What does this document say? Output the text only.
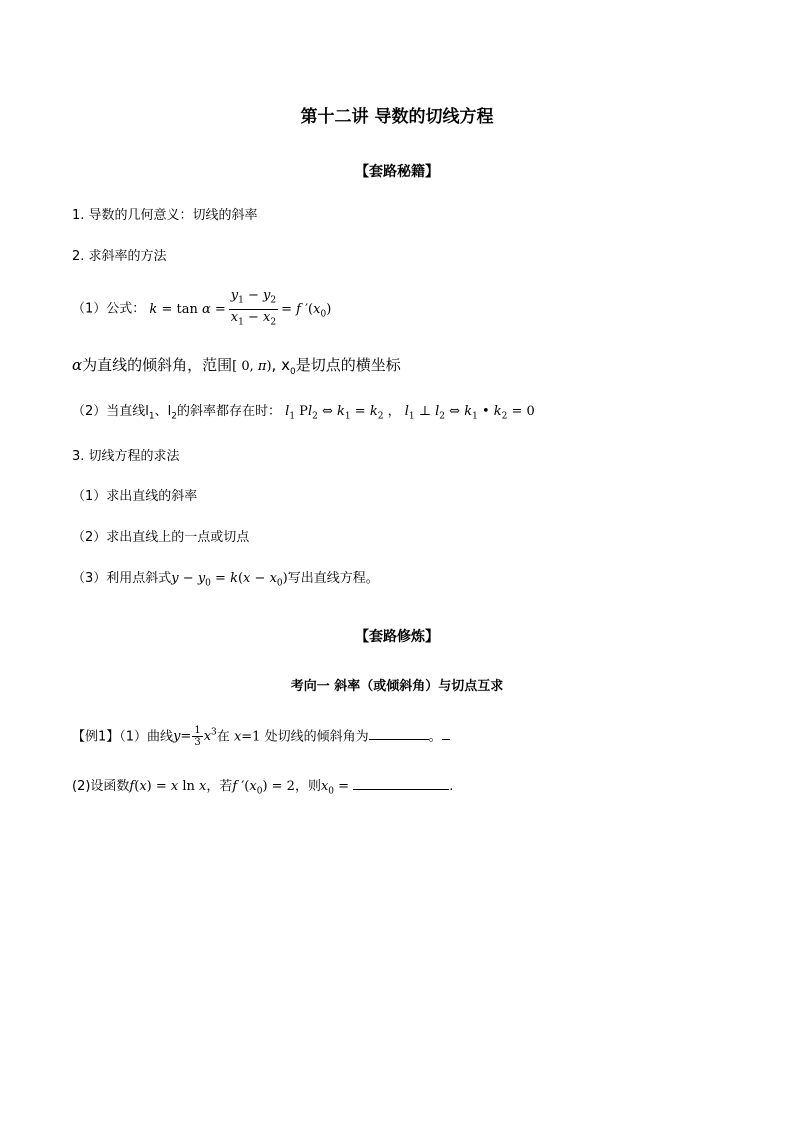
第十二讲 导数的切线方程
【套路秘籍】
1. 导数的几何意义：切线的斜率
2. 求斜率的方法
（1）公式： $k = \tan \alpha = \frac{y_1 - y_2}{x_1 - x_2} = f$ $'(x_0)$
α为直线的倾斜角，范围[ 0, π), $x_0$是切点的横坐标
（2）当直线$l_1$、$l_2$的斜率都存在时： $l_1$ $Pl_2$ ⇔ $k_1 = k_2$ ， $l_1$ ⊥ $l_2$ ⇔ $k_1$ • $k_2 = 0$
3. 切线方程的求法
（1）求出直线的斜率
（2）求出直线上的一点或切点
（3）利用点斜式$y - y_0 = k(x - x_0)$写出直线方程。
【套路修炼】
考向一 斜率（或倾斜角）与切点互求
【例1】（1）曲线$y= \frac{1}{3} x^3$在 x=1 处切线的倾斜角为	。
(2)设函数f(x) = x ln x，若f $'(x_0) = 2$，则$x_0$ =	.
